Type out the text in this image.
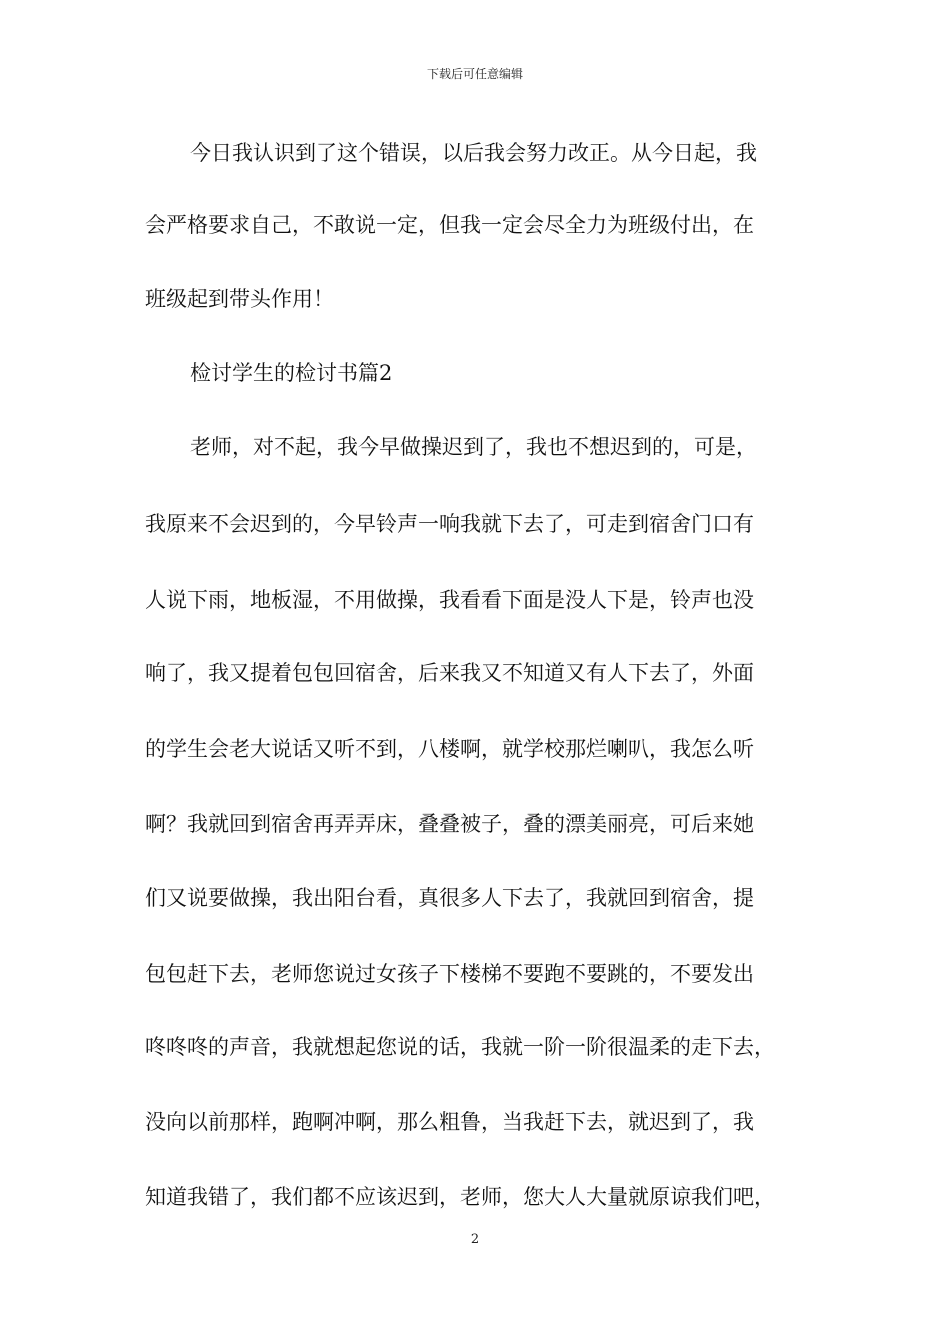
下载后可任意编辑
今日我认识到了这个错误，以后我会努力改正。从今日起，我
会严格要求自己，不敢说一定，但我一定会尽全力为班级付出，在
班级起到带头作用！
检讨学生的检讨书篇2
老师，对不起，我今早做操迟到了，我也不想迟到的，可是，
我原来不会迟到的，今早铃声一响我就下去了，可走到宿舍门口有
人说下雨，地板湿，不用做操，我看看下面是没人下是，铃声也没
响了，我又提着包包回宿舍，后来我又不知道又有人下去了，外面
的学生会老大说话又听不到，八楼啊，就学校那烂喇叭，我怎么听
啊？我就回到宿舍再弄弄床，叠叠被子，叠的漂美丽亮，可后来她
们又说要做操，我出阳台看，真很多人下去了，我就回到宿舍，提
包包赶下去，老师您说过女孩子下楼梯不要跑不要跳的，不要发出
咚咚咚的声音，我就想起您说的话，我就一阶一阶很温柔的走下去，
没向以前那样，跑啊冲啊，那么粗鲁，当我赶下去，就迟到了，我
知道我错了，我们都不应该迟到，老师，您大人大量就原谅我们吧，
2
